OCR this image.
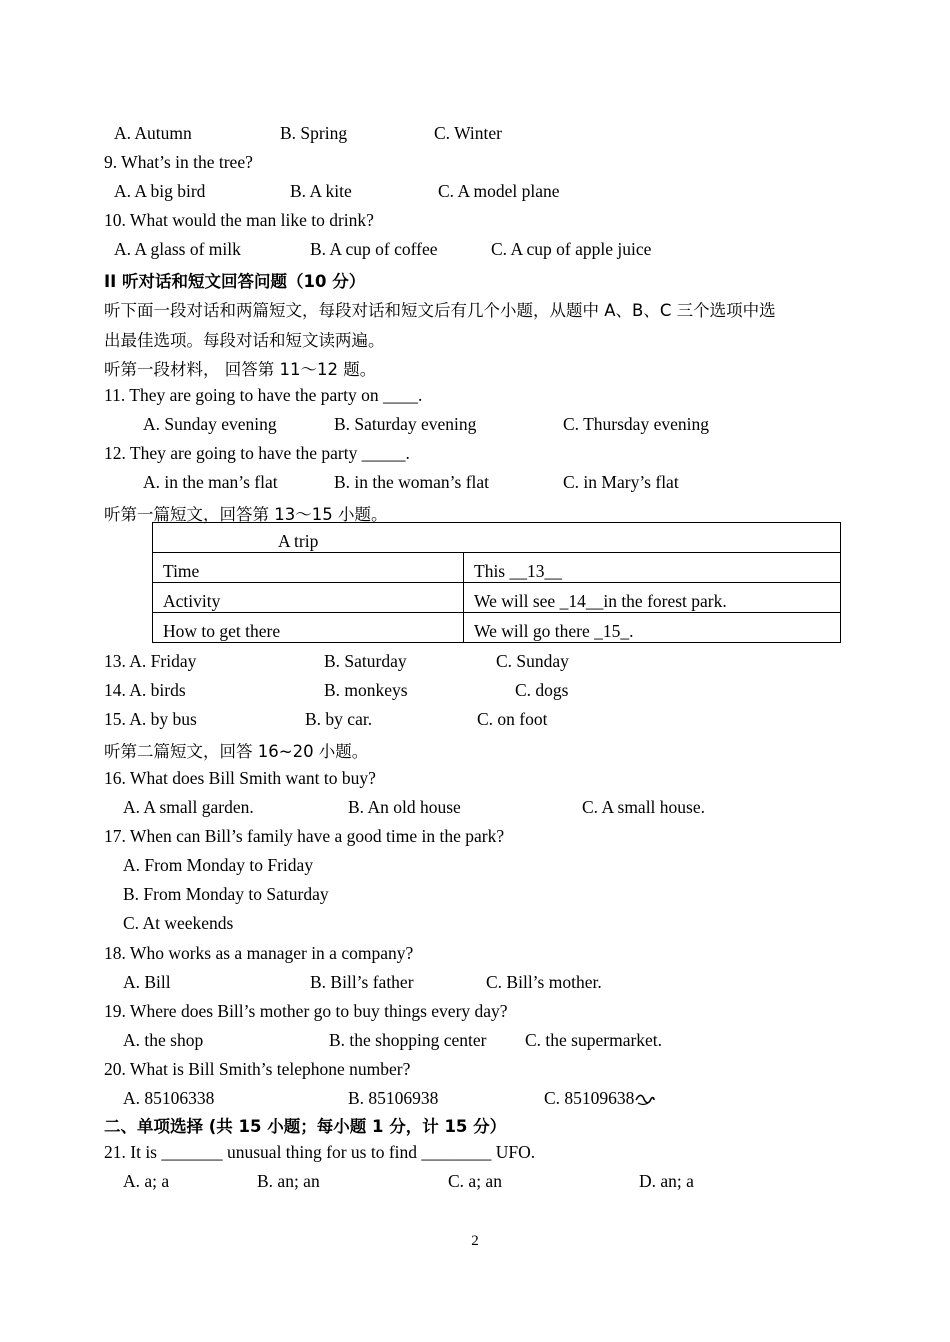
A. Autumn	B. Spring	C. Winter
9. What’s in the tree?
A. A big bird	B. A kite	C. A model plane
10. What would the man like to drink?
A. A glass of milk	B. A cup of coffee	C. A cup of apple juice
II 听对话和短文回答问题（10 分）
听下面一段对话和两篇短文，每段对话和短文后有几个小题，从题中 A、B、C 三个选项中选
出最佳选项。每段对话和短文读两遍。
听第一段材料， 回答第 11～12 题。
11. They are going to have the party on ____.
A. Sunday evening	B. Saturday evening	C. Thursday evening
12. They are going to have the party _____.
A. in the man’s flat	B. in the woman’s flat	C. in Mary’s flat
听第一篇短文，回答第 13～15 小题。
A trip	
Time	This __13__
Activity	We will see _14__in the forest park.
How to get there	We will go there _15_.
13. A. Friday	B. Saturday	C. Sunday
14. A. birds	B. monkeys	C. dogs
15. A. by bus	B. by car.	C. on foot
听第二篇短文，回答 16~20 小题。
16. What does Bill Smith want to buy?
A. A small garden.	B. An old house	C. A small house.
17. When can Bill’s family have a good time in the park?
A. From Monday to Friday
B. From Monday to Saturday
C. At weekends
18. Who works as a manager in a company?
A. Bill	B. Bill’s father	C. Bill’s mother.
19. Where does Bill’s mother go to buy things every day?
A. the shop	B. the shopping center C. the supermarket.
20. What is Bill Smith’s telephone number?
A. 85106338	B. 85106938	C. 85109638
二、单项选择 (共 15 小题；每小题 1 分，计 15 分）
21. It is _______ unusual thing for us to find ________ UFO.
A. a; a	B. an; an	C. a; an	D. an; a
2
